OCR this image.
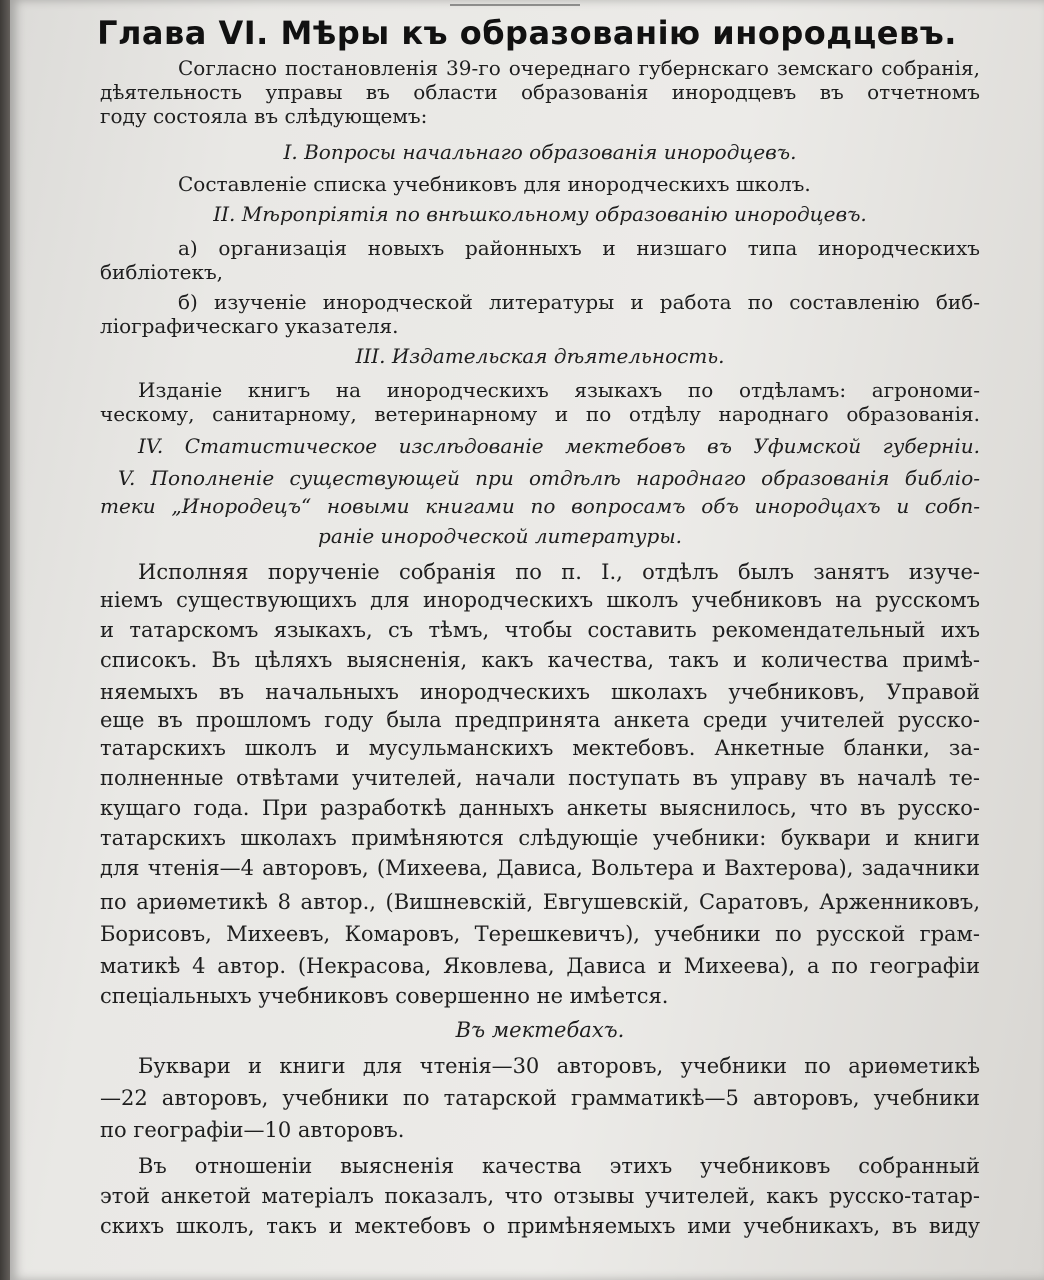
Глава VI. Мѣры къ образованію инородцевъ.
Согласно постановленія 39-го очереднаго губернскаго земскаго собранія,
дѣятельность управы въ области образованія инородцевъ въ отчетномъ
году состояла въ слѣдующемъ:
I. Вопросы начальнаго образованія инородцевъ.
Составленіе списка учебниковъ для инородческихъ школъ.
II. Мѣропріятія по внѣшкольному образованію инородцевъ.
а) организація новыхъ районныхъ и низшаго типа инородческихъ
библіотекъ,
б) изученіе инородческой литературы и работа по составленію биб-
ліографическаго указателя.
III. Издательская дѣятельность.
Изданіе книгъ на инородческихъ языкахъ по отдѣламъ: агрономи-
ческому, санитарному, ветеринарному и по отдѣлу народнаго образованія.
IV. Статистическое изслѣдованіе мектебовъ въ Уфимской губерніи.
V. Пополненіе существующей при отдѣлѣ народнаго образованія библіо-
теки „Инородецъ“ новыми книгами по вопросамъ объ инородцахъ и собп-
раніе инородческой литературы.
Исполняя порученіе собранія по п. I., отдѣлъ былъ занятъ изуче-
ніемъ существующихъ для инородческихъ школъ учебниковъ на русскомъ
и татарскомъ языкахъ, съ тѣмъ, чтобы составить рекомендательный ихъ
списокъ. Въ цѣляхъ выясненія, какъ качества, такъ и количества примѣ-
няемыхъ въ начальныхъ инородческихъ школахъ учебниковъ, Управой
еще въ прошломъ году была предпринята анкета среди учителей русско-
татарскихъ школъ и мусульманскихъ мектебовъ. Анкетные бланки, за-
полненные отвѣтами учителей, начали поступать въ управу въ началѣ те-
кущаго года. При разработкѣ данныхъ анкеты выяснилось, что въ русско-
татарскихъ школахъ примѣняются слѣдующіе учебники: буквари и книги
для чтенія—4 авторовъ, (Михеева, Дависа, Вольтера и Вахтерова), задачники
по ариѳметикѣ 8 автор., (Вишневскій, Евгушевскій, Саратовъ, Арженниковъ,
Борисовъ, Михеевъ, Комаровъ, Терешкевичъ), учебники по русской грам-
матикѣ 4 автор. (Некрасова, Яковлева, Дависа и Михеева), а по географіи
спеціальныхъ учебниковъ совершенно не имѣется.
Въ мектебахъ.
Буквари и книги для чтенія—30 авторовъ, учебники по ариѳметикѣ
—22 авторовъ, учебники по татарской грамматикѣ—5 авторовъ, учебники
по географіи—10 авторовъ.
Въ отношеніи выясненія качества этихъ учебниковъ собранный
этой анкетой матеріалъ показалъ, что отзывы учителей, какъ русско-татар-
скихъ школъ, такъ и мектебовъ о примѣняемыхъ ими учебникахъ, въ виду
